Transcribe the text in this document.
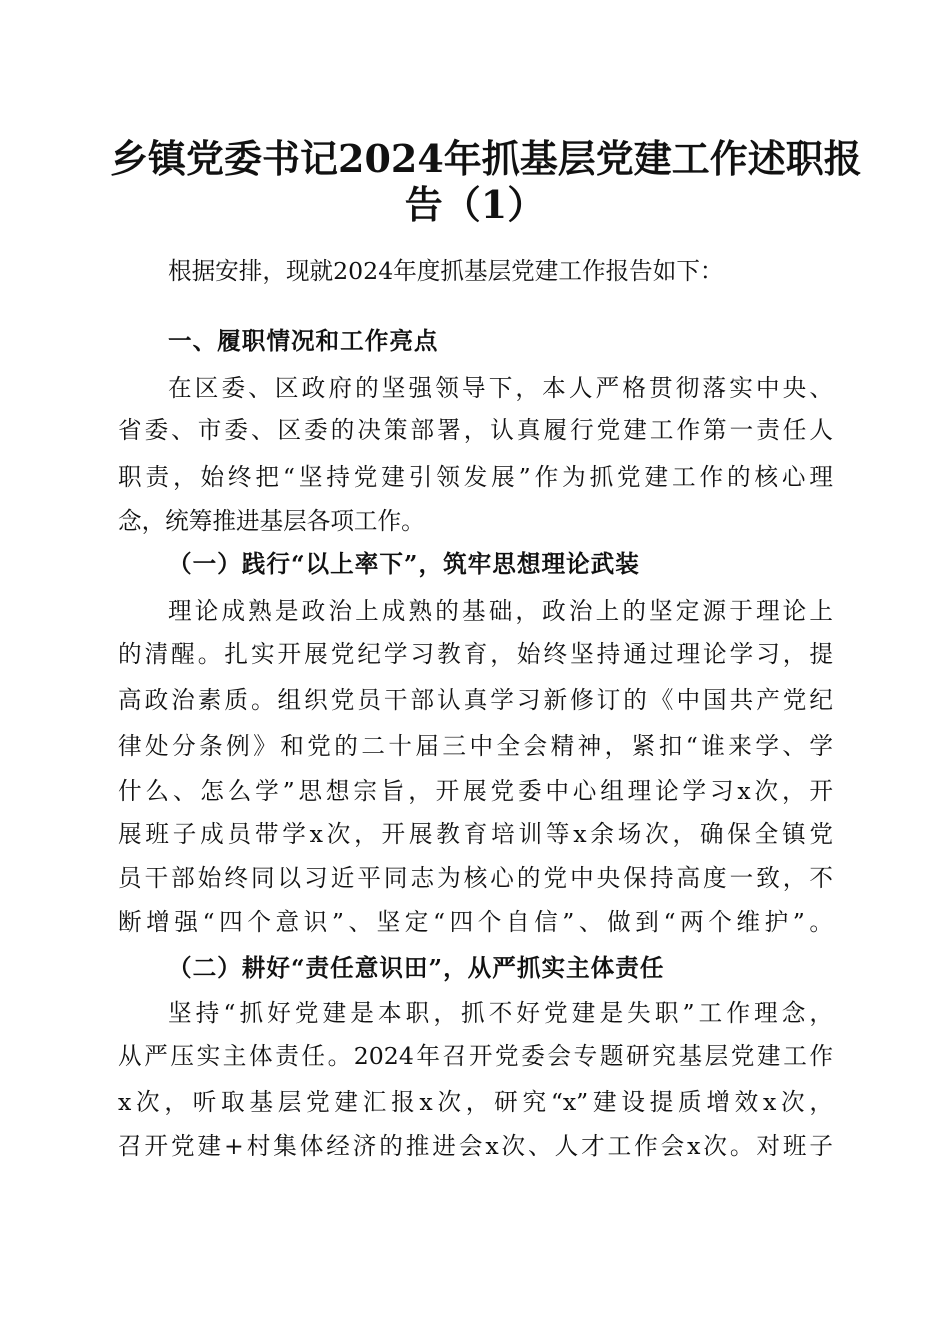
乡镇党委书记2024年抓基层党建工作述职报
告（1）
根据安排，现就2024年度抓基层党建工作报告如下：
一、履职情况和工作亮点
在区委、区政府的坚强领导下，本人严格贯彻落实中央、
省委、市委、区委的决策部署，认真履行党建工作第一责任人
职责，始终把“坚持党建引领发展”作为抓党建工作的核心理
念，统筹推进基层各项工作。
（一）践行“以上率下”，筑牢思想理论武装
理论成熟是政治上成熟的基础，政治上的坚定源于理论上
的清醒。扎实开展党纪学习教育，始终坚持通过理论学习，提
高政治素质。组织党员干部认真学习新修订的《中国共产党纪
律处分条例》和党的二十届三中全会精神，紧扣“谁来学、学
什么、怎么学”思想宗旨，开展党委中心组理论学习x次，开
展班子成员带学x次，开展教育培训等x余场次，确保全镇党
员干部始终同以习近平同志为核心的党中央保持高度一致，不
断增强“四个意识”、坚定“四个自信”、做到“两个维护”。
（二）耕好“责任意识田”，从严抓实主体责任
坚持“抓好党建是本职，抓不好党建是失职”工作理念，
从严压实主体责任。2024年召开党委会专题研究基层党建工作
x次，听取基层党建汇报x次，研究“x”建设提质增效x次，
召开党建+村集体经济的推进会x次、人才工作会x次。对班子
